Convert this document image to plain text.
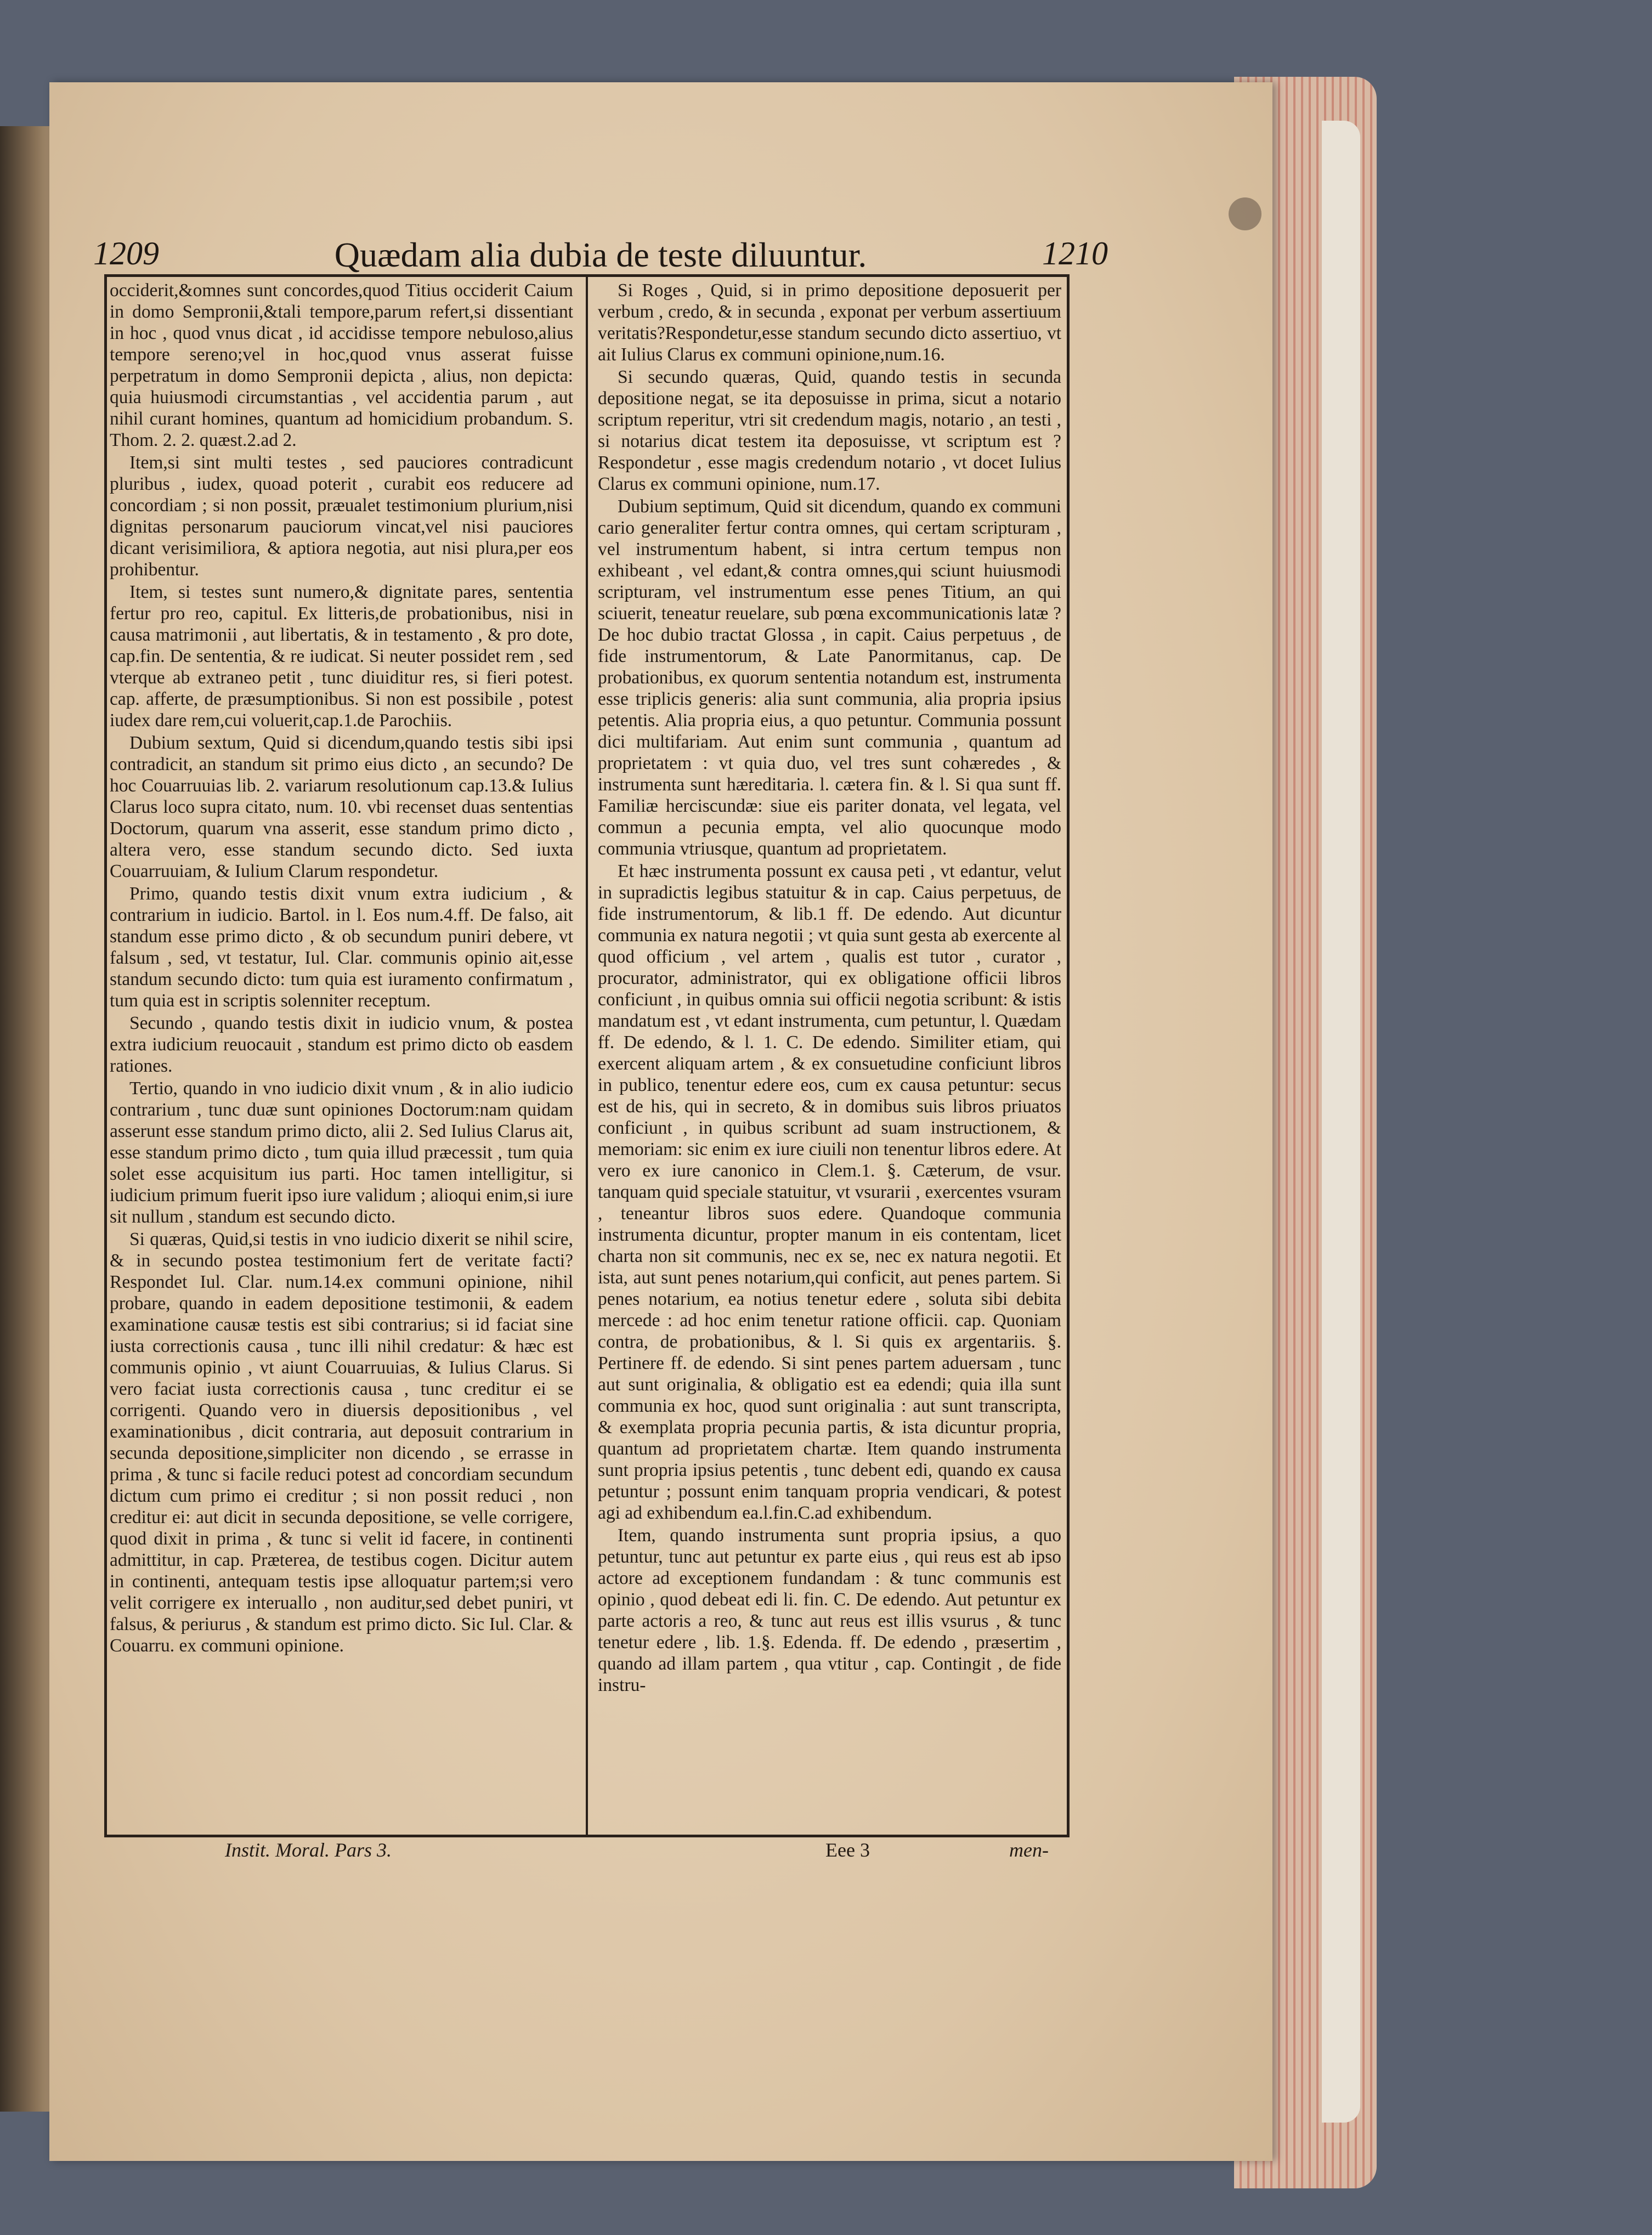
1209	Quædam alia dubia de teste diluuntur.	1210

occiderit,&omnes sunt concordes,quod Titius occiderit Caium in domo Sempronii,&tali tempore,parum refert,si dissentiant in hoc , quod vnus dicat , id accidisse tempore nebuloso,alius tempore sereno;vel in hoc,quod vnus asserat fuisse perpetratum in domo Sempronii depicta , alius, non depicta: quia huiusmodi circumstantias , vel accidentia parum , aut nihil curant homines, quantum ad homicidium probandum. S. Thom. 2. 2. quæst.2.ad 2.

Item,si sint multi testes , sed pauciores contradicunt pluribus , iudex, quoad poterit , curabit eos reducere ad concordiam ; si non possit, præualet testimonium plurium,nisi dignitas personarum pauciorum vincat,vel nisi pauciores dicant verisimiliora, & aptiora negotia, aut nisi plura,per eos prohibentur.

Item, si testes sunt numero,& dignitate pares, sententia fertur pro reo, capitul. Ex litteris,de probationibus, nisi in causa matrimonii , aut libertatis, & in testamento , & pro dote, cap.fin. De sententia, & re iudicat. Si neuter possidet rem , sed vterque ab extraneo petit , tunc diuiditur res, si fieri potest. cap. afferte, de præsumptionibus. Si non est possibile , potest iudex dare rem,cui voluerit,cap.1.de Parochiis.

Dubium sextum, Quid si dicendum,quando testis sibi ipsi contradicit, an standum sit primo eius dicto , an secundo? De hoc Couarruuias lib. 2. variarum resolutionum cap.13.& Iulius Clarus loco supra citato, num. 10. vbi recenset duas sententias Doctorum, quarum vna asserit, esse standum primo dicto , altera vero, esse standum secundo dicto. Sed iuxta Couarruuiam, & Iulium Clarum respondetur.

Primo, quando testis dixit vnum extra iudicium , & contrarium in iudicio. Bartol. in l. Eos num.4.ff. De falso, ait standum esse primo dicto , & ob secundum puniri debere, vt falsum , sed, vt testatur, Iul. Clar. communis opinio ait,esse standum secundo dicto: tum quia est iuramento confirmatum , tum quia est in scriptis solenniter receptum.

Secundo , quando testis dixit in iudicio vnum, & postea extra iudicium reuocauit , standum est primo dicto ob easdem rationes.

Tertio, quando in vno iudicio dixit vnum , & in alio iudicio contrarium , tunc duæ sunt opiniones Doctorum:nam quidam asserunt esse standum primo dicto, alii 2. Sed Iulius Clarus ait, esse standum primo dicto , tum quia illud præcessit , tum quia solet esse acquisitum ius parti. Hoc tamen intelligitur, si iudicium primum fuerit ipso iure validum ; alioqui enim,si iure sit nullum , standum est secundo dicto.

Si quæras, Quid,si testis in vno iudicio dixerit se nihil scire, & in secundo postea testimonium fert de veritate facti?Respondet Iul. Clar. num.14.ex communi opinione, nihil probare, quando in eadem depositione testimonii, & eadem examinatione causæ testis est sibi contrarius; si id faciat sine iusta correctionis causa , tunc illi nihil credatur: & hæc est communis opinio , vt aiunt Couarruuias, & Iulius Clarus. Si vero faciat iusta correctionis causa , tunc creditur ei se corrigenti. Quando vero in diuersis depositionibus , vel examinationibus , dicit contraria, aut deposuit contrarium in secunda depositione,simpliciter non dicendo , se errasse in prima , & tunc si facile reduci potest ad concordiam secundum dictum cum primo ei creditur ; si non possit reduci , non creditur ei: aut dicit in secunda depositione, se velle corrigere, quod dixit in prima , & tunc si velit id facere, in continenti admittitur, in cap. Præterea, de testibus cogen. Dicitur autem in continenti, antequam testis ipse alloquatur partem;si vero velit corrigere ex interuallo , non auditur,sed debet puniri, vt falsus, & periurus , & standum est primo dicto. Sic Iul. Clar. & Couarru. ex communi opinione.

Si Roges , Quid, si in primo depositione deposuerit per verbum , credo, & in secunda , exponat per verbum assertiuum veritatis?Respondetur,esse standum secundo dicto assertiuo, vt ait Iulius Clarus ex communi opinione,num.16.

Si secundo quæras, Quid, quando testis in secunda depositione negat, se ita deposuisse in prima, sicut a notario scriptum reperitur, vtri sit credendum magis, notario , an testi , si notarius dicat testem ita deposuisse, vt scriptum est ? Respondetur , esse magis credendum notario , vt docet Iulius Clarus ex communi opinione, num.17.

Dubium septimum, Quid sit dicendum, quando ex communi cario generaliter fertur contra omnes, qui certam scripturam , vel instrumentum habent, si intra certum tempus non exhibeant , vel edant,& contra omnes,qui sciunt huiusmodi scripturam, vel instrumentum esse penes Titium, an qui sciuerit, teneatur reuelare, sub pœna excommunicationis latæ ? De hoc dubio tractat Glossa , in capit. Caius perpetuus , de fide instrumentorum, & Late Panormitanus, cap. De probationibus, ex quorum sententia notandum est, instrumenta esse triplicis generis: alia sunt communia, alia propria ipsius petentis. Alia propria eius, a quo petuntur. Communia possunt dici multifariam. Aut enim sunt communia , quantum ad proprietatem : vt quia duo, vel tres sunt cohæredes , & instrumenta sunt hæreditaria. l. cætera fin. & l. Si qua sunt ff. Familiæ herciscundæ: siue eis pariter donata, vel legata, vel commun a pecunia empta, vel alio quocunque modo communia vtriusque, quantum ad proprietatem.

Et hæc instrumenta possunt ex causa peti , vt edantur, velut in supradictis legibus statuitur & in cap. Caius perpetuus, de fide instrumentorum, & lib.1 ff. De edendo. Aut dicuntur communia ex natura negotii ; vt quia sunt gesta ab exercente al quod officium , vel artem , qualis est tutor , curator , procurator, administrator, qui ex obligatione officii libros conficiunt , in quibus omnia sui officii negotia scribunt: & istis mandatum est , vt edant instrumenta, cum petuntur, l. Quædam ff. De edendo, & l. 1. C. De edendo. Similiter etiam, qui exercent aliquam artem , & ex consuetudine conficiunt libros in publico, tenentur edere eos, cum ex causa petuntur: secus est de his, qui in secreto, & in domibus suis libros priuatos conficiunt , in quibus scribunt ad suam instructionem, & memoriam: sic enim ex iure ciuili non tenentur libros edere. At vero ex iure canonico in Clem.1. §. Cæterum, de vsur. tanquam quid speciale statuitur, vt vsurarii , exercentes vsuram , teneantur libros suos edere. Quandoque communia instrumenta dicuntur, propter manum in eis contentam, licet charta non sit communis, nec ex se, nec ex natura negotii. Et ista, aut sunt penes notarium,qui conficit, aut penes partem. Si penes notarium, ea notius tenetur edere , soluta sibi debita mercede : ad hoc enim tenetur ratione officii. cap. Quoniam contra, de probationibus, & l. Si quis ex argentariis. §. Pertinere ff. de edendo. Si sint penes partem aduersam , tunc aut sunt originalia, & obligatio est ea edendi; quia illa sunt communia ex hoc, quod sunt originalia : aut sunt transcripta, & exemplata propria pecunia partis, & ista dicuntur propria, quantum ad proprietatem chartæ. Item quando instrumenta sunt propria ipsius petentis , tunc debent edi, quando ex causa petuntur ; possunt enim tanquam propria vendicari, & potest agi ad exhibendum ea.l.fin.C.ad exhibendum.

Item, quando instrumenta sunt propria ipsius, a quo petuntur, tunc aut petuntur ex parte eius , qui reus est ab ipso actore ad exceptionem fundandam : & tunc communis est opinio , quod debeat edi li. fin. C. De edendo. Aut petuntur ex parte actoris a reo, & tunc aut reus est illis vsurus , & tunc tenetur edere , lib. 1.§. Edenda. ff. De edendo , præsertim , quando ad illam partem , qua vtitur , cap. Contingit , de fide instru-

Instit. Moral. Pars 3.	Eee 3	men-
